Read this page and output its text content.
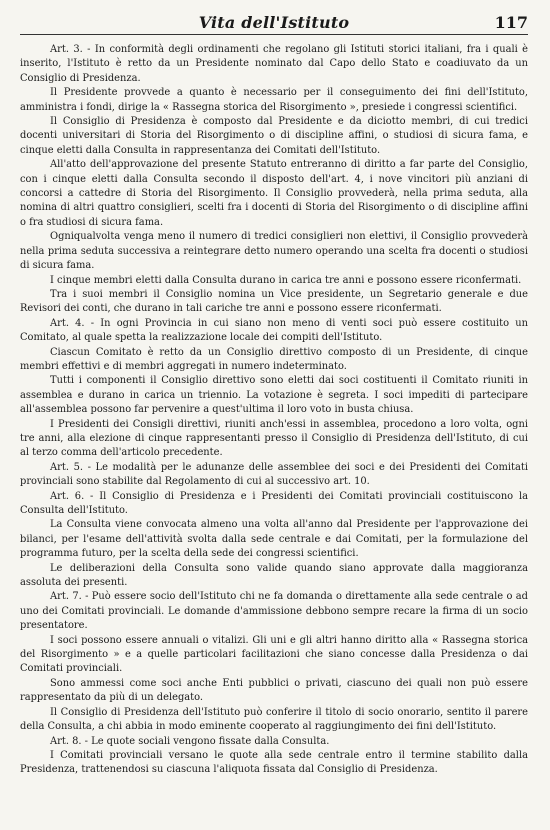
Vita dell'Istituto	117

Art. 3. - In conformità degli ordinamenti che regolano gli Istituti storici italiani, fra i quali è inserito, l'Istituto è retto da un Presidente nominato dal Capo dello Stato e coadiuvato da un Consiglio di Presidenza.

Il Presidente provvede a quanto è necessario per il conseguimento dei fini dell'Istituto, amministra i fondi, dirige la « Rassegna storica del Risorgimento », presiede i congressi scientifici.

Il Consiglio di Presidenza è composto dal Presidente e da diciotto membri, di cui tredici docenti universitari di Storia del Risorgimento o di discipline affini, o studiosi di sicura fama, e cinque eletti dalla Consulta in rappresentanza dei Comitati dell'Istituto.

All'atto dell'approvazione del presente Statuto entreranno di diritto a far parte del Consiglio, con i cinque eletti dalla Consulta secondo il disposto dell'art. 4, i nove vincitori più anziani di concorsi a cattedre di Storia del Risorgimento. Il Consiglio provvederà, nella prima seduta, alla nomina di altri quattro consiglieri, scelti fra i docenti di Storia del Risorgimento o di discipline affini o fra studiosi di sicura fama.

Ogniqualvolta venga meno il numero di tredici consiglieri non elettivi, il Consiglio provvederà nella prima seduta successiva a reintegrare detto numero operando una scelta fra docenti o studiosi di sicura fama.

I cinque membri eletti dalla Consulta durano in carica tre anni e possono essere riconfermati.

Tra i suoi membri il Consiglio nomina un Vice presidente, un Segretario generale e due Revisori dei conti, che durano in tali cariche tre anni e possono essere riconfermati.

Art. 4. - In ogni Provincia in cui siano non meno di venti soci può essere costituito un Comitato, al quale spetta la realizzazione locale dei compiti dell'Istituto.

Ciascun Comitato è retto da un Consiglio direttivo composto di un Presidente, di cinque membri effettivi e di membri aggregati in numero indeterminato.

Tutti i componenti il Consiglio direttivo sono eletti dai soci costituenti il Comitato riuniti in assemblea e durano in carica un triennio. La votazione è segreta. I soci impediti di partecipare all'assemblea possono far pervenire a quest'ultima il loro voto in busta chiusa.

I Presidenti dei Consigli direttivi, riuniti anch'essi in assemblea, procedono a loro volta, ogni tre anni, alla elezione di cinque rappresentanti presso il Consiglio di Presidenza dell'Istituto, di cui al terzo comma dell'articolo precedente.

Art. 5. - Le modalità per le adunanze delle assemblee dei soci e dei Presidenti dei Comitati provinciali sono stabilite dal Regolamento di cui al successivo art. 10.

Art. 6. - Il Consiglio di Presidenza e i Presidenti dei Comitati provinciali costituiscono la Consulta dell'Istituto.

La Consulta viene convocata almeno una volta all'anno dal Presidente per l'approvazione dei bilanci, per l'esame dell'attività svolta dalla sede centrale e dai Comitati, per la formulazione del programma futuro, per la scelta della sede dei congressi scientifici.

Le deliberazioni della Consulta sono valide quando siano approvate dalla maggioranza assoluta dei presenti.

Art. 7. - Può essere socio dell'Istituto chi ne fa domanda o direttamente alla sede centrale o ad uno dei Comitati provinciali. Le domande d'ammissione debbono sempre recare la firma di un socio presentatore.

I soci possono essere annuali o vitalizi. Gli uni e gli altri hanno diritto alla « Rassegna storica del Risorgimento » e a quelle particolari facilitazioni che siano concesse dalla Presidenza o dai Comitati provinciali.

Sono ammessi come soci anche Enti pubblici o privati, ciascuno dei quali non può essere rappresentato da più di un delegato.

Il Consiglio di Presidenza dell'Istituto può conferire il titolo di socio onorario, sentito il parere della Consulta, a chi abbia in modo eminente cooperato al raggiungimento dei fini dell'Istituto.

Art. 8. - Le quote sociali vengono fissate dalla Consulta.

I Comitati provinciali versano le quote alla sede centrale entro il termine stabilito dalla Presidenza, trattenendosi su ciascuna l'aliquota fissata dal Consiglio di Presidenza.
